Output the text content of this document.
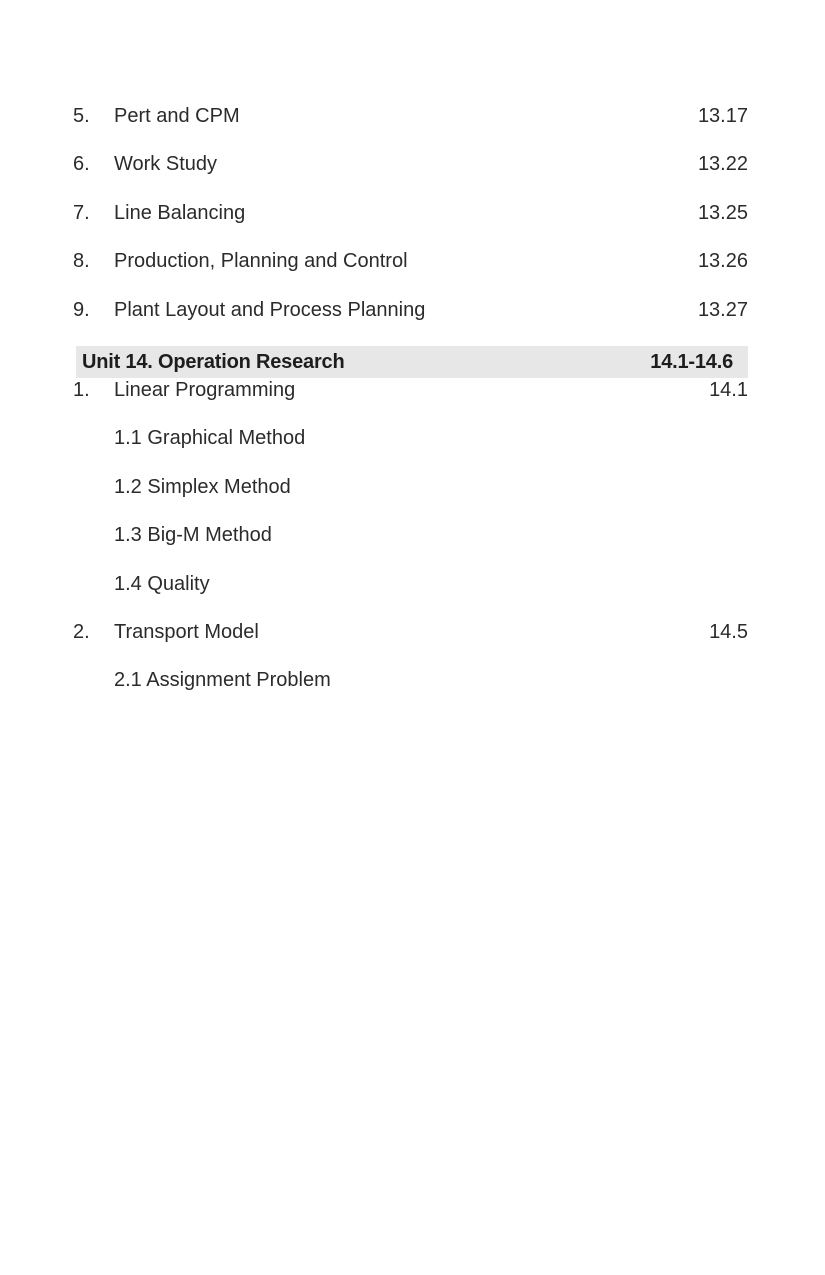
5.	Pert and CPM	13.17
6.	Work Study	13.22
7.	Line Balancing	13.25
8.	Production, Planning and Control	13.26
9.	Plant Layout and Process Planning	13.27
Unit 14. Operation Research	14.1-14.6
1.	Linear Programming	14.1
1.1 Graphical Method
1.2 Simplex Method
1.3 Big-M Method
1.4 Quality
2.	Transport Model	14.5
2.1 Assignment Problem
